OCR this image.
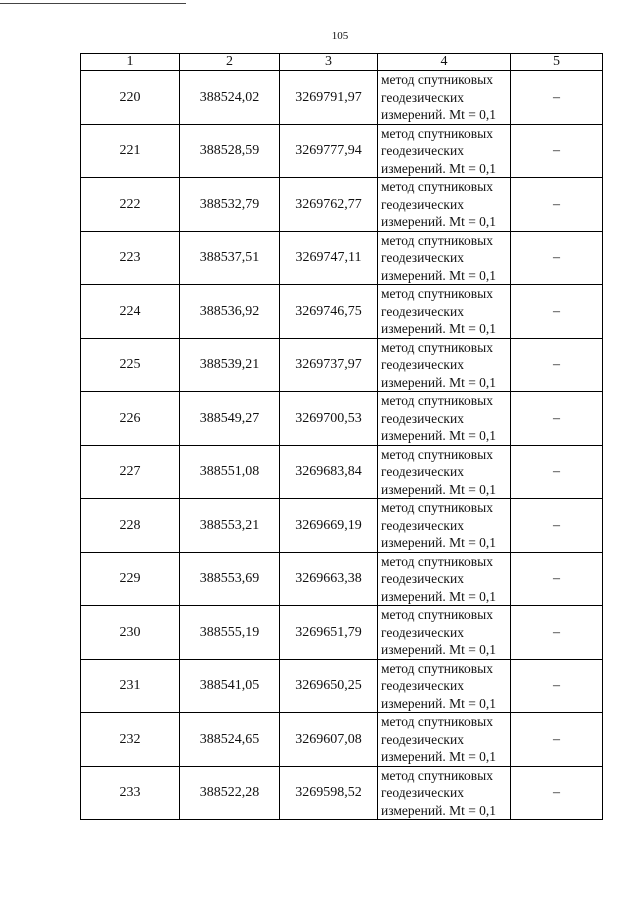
105
1	2	3	4	5
220	388524,02	3269791,97	метод спутниковых
геодезических
измерений. Mt = 0,1	–
221	388528,59	3269777,94	метод спутниковых
геодезических
измерений. Mt = 0,1	–
222	388532,79	3269762,77	метод спутниковых
геодезических
измерений. Mt = 0,1	–
223	388537,51	3269747,11	метод спутниковых
геодезических
измерений. Mt = 0,1	–
224	388536,92	3269746,75	метод спутниковых
геодезических
измерений. Mt = 0,1	–
225	388539,21	3269737,97	метод спутниковых
геодезических
измерений. Mt = 0,1	–
226	388549,27	3269700,53	метод спутниковых
геодезических
измерений. Mt = 0,1	–
227	388551,08	3269683,84	метод спутниковых
геодезических
измерений. Mt = 0,1	–
228	388553,21	3269669,19	метод спутниковых
геодезических
измерений. Mt = 0,1	–
229	388553,69	3269663,38	метод спутниковых
геодезических
измерений. Mt = 0,1	–
230	388555,19	3269651,79	метод спутниковых
геодезических
измерений. Mt = 0,1	–
231	388541,05	3269650,25	метод спутниковых
геодезических
измерений. Mt = 0,1	–
232	388524,65	3269607,08	метод спутниковых
геодезических
измерений. Mt = 0,1	–
233	388522,28	3269598,52	метод спутниковых
геодезических
измерений. Mt = 0,1	–
